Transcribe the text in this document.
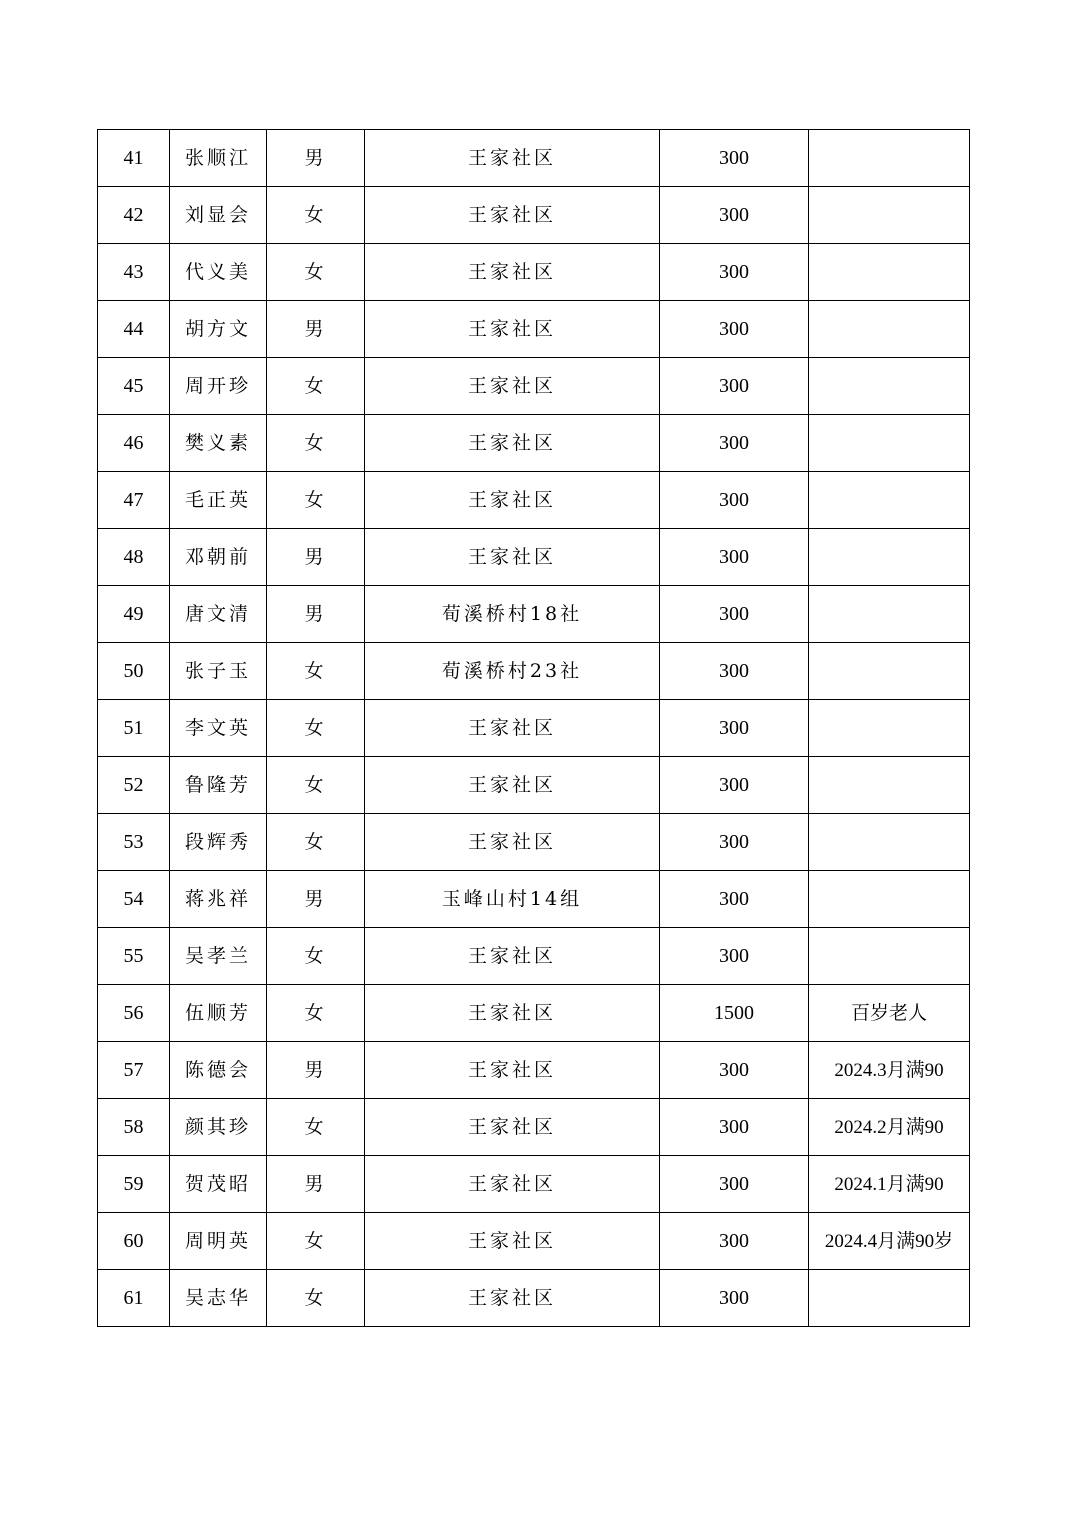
41	张顺江	男	王家社区	300	
42	刘显会	女	王家社区	300	
43	代义美	女	王家社区	300	
44	胡方文	男	王家社区	300	
45	周开珍	女	王家社区	300	
46	樊义素	女	王家社区	300	
47	毛正英	女	王家社区	300	
48	邓朝前	男	王家社区	300	
49	唐文清	男	荀溪桥村18社	300	
50	张子玉	女	荀溪桥村23社	300	
51	李文英	女	王家社区	300	
52	鲁隆芳	女	王家社区	300	
53	段辉秀	女	王家社区	300	
54	蒋兆祥	男	玉峰山村14组	300	
55	吴孝兰	女	王家社区	300	
56	伍顺芳	女	王家社区	1500	百岁老人
57	陈德会	男	王家社区	300	2024.3月满90
58	颜其珍	女	王家社区	300	2024.2月满90
59	贺茂昭	男	王家社区	300	2024.1月满90
60	周明英	女	王家社区	300	2024.4月满90岁
61	吴志华	女	王家社区	300	
